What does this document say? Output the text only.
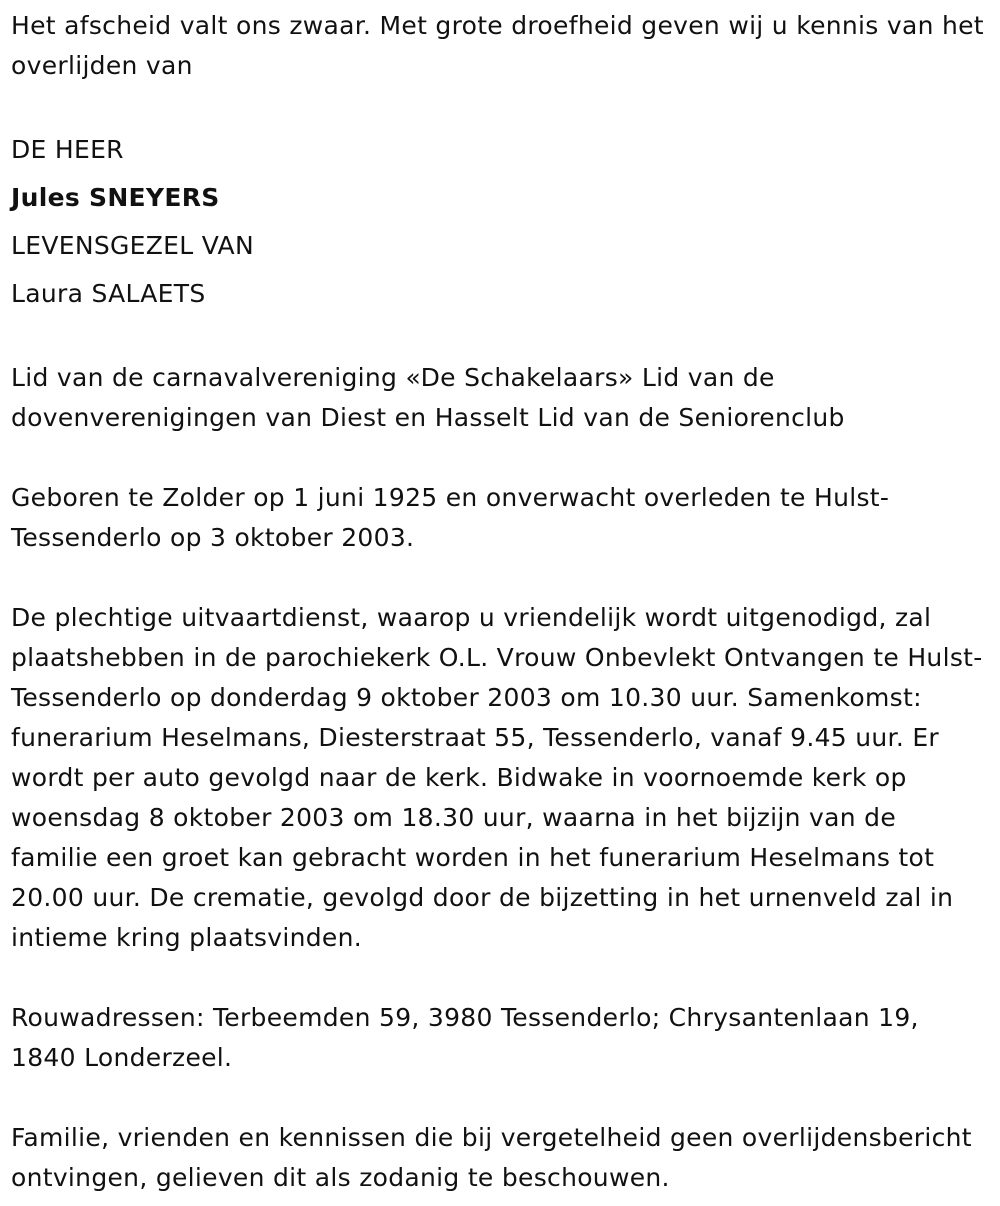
Het afscheid valt ons zwaar. Met grote droefheid geven wij u kennis van het overlijden van

DE HEER

Jules SNEYERS

LEVENSGEZEL VAN

Laura SALAETS

Lid van de carnavalvereniging «De Schakelaars» Lid van de dovenverenigingen van Diest en Hasselt Lid van de Seniorenclub

Geboren te Zolder op 1 juni 1925 en onverwacht overleden te Hulst-Tessenderlo op 3 oktober 2003.

De plechtige uitvaartdienst, waarop u vriendelijk wordt uitgenodigd, zal plaatshebben in de parochiekerk O.L. Vrouw Onbevlekt Ontvangen te Hulst-Tessenderlo op donderdag 9 oktober 2003 om 10.30 uur. Samenkomst: funerarium Heselmans, Diesterstraat 55, Tessenderlo, vanaf 9.45 uur. Er wordt per auto gevolgd naar de kerk. Bidwake in voornoemde kerk op woensdag 8 oktober 2003 om 18.30 uur, waarna in het bijzijn van de familie een groet kan gebracht worden in het funerarium Heselmans tot 20.00 uur. De crematie, gevolgd door de bijzetting in het urnenveld zal in intieme kring plaatsvinden.

Rouwadressen: Terbeemden 59, 3980 Tessenderlo; Chrysantenlaan 19, 1840 Londerzeel.

Familie, vrienden en kennissen die bij vergetelheid geen overlijdensbericht ontvingen, gelieven dit als zodanig te beschouwen.
